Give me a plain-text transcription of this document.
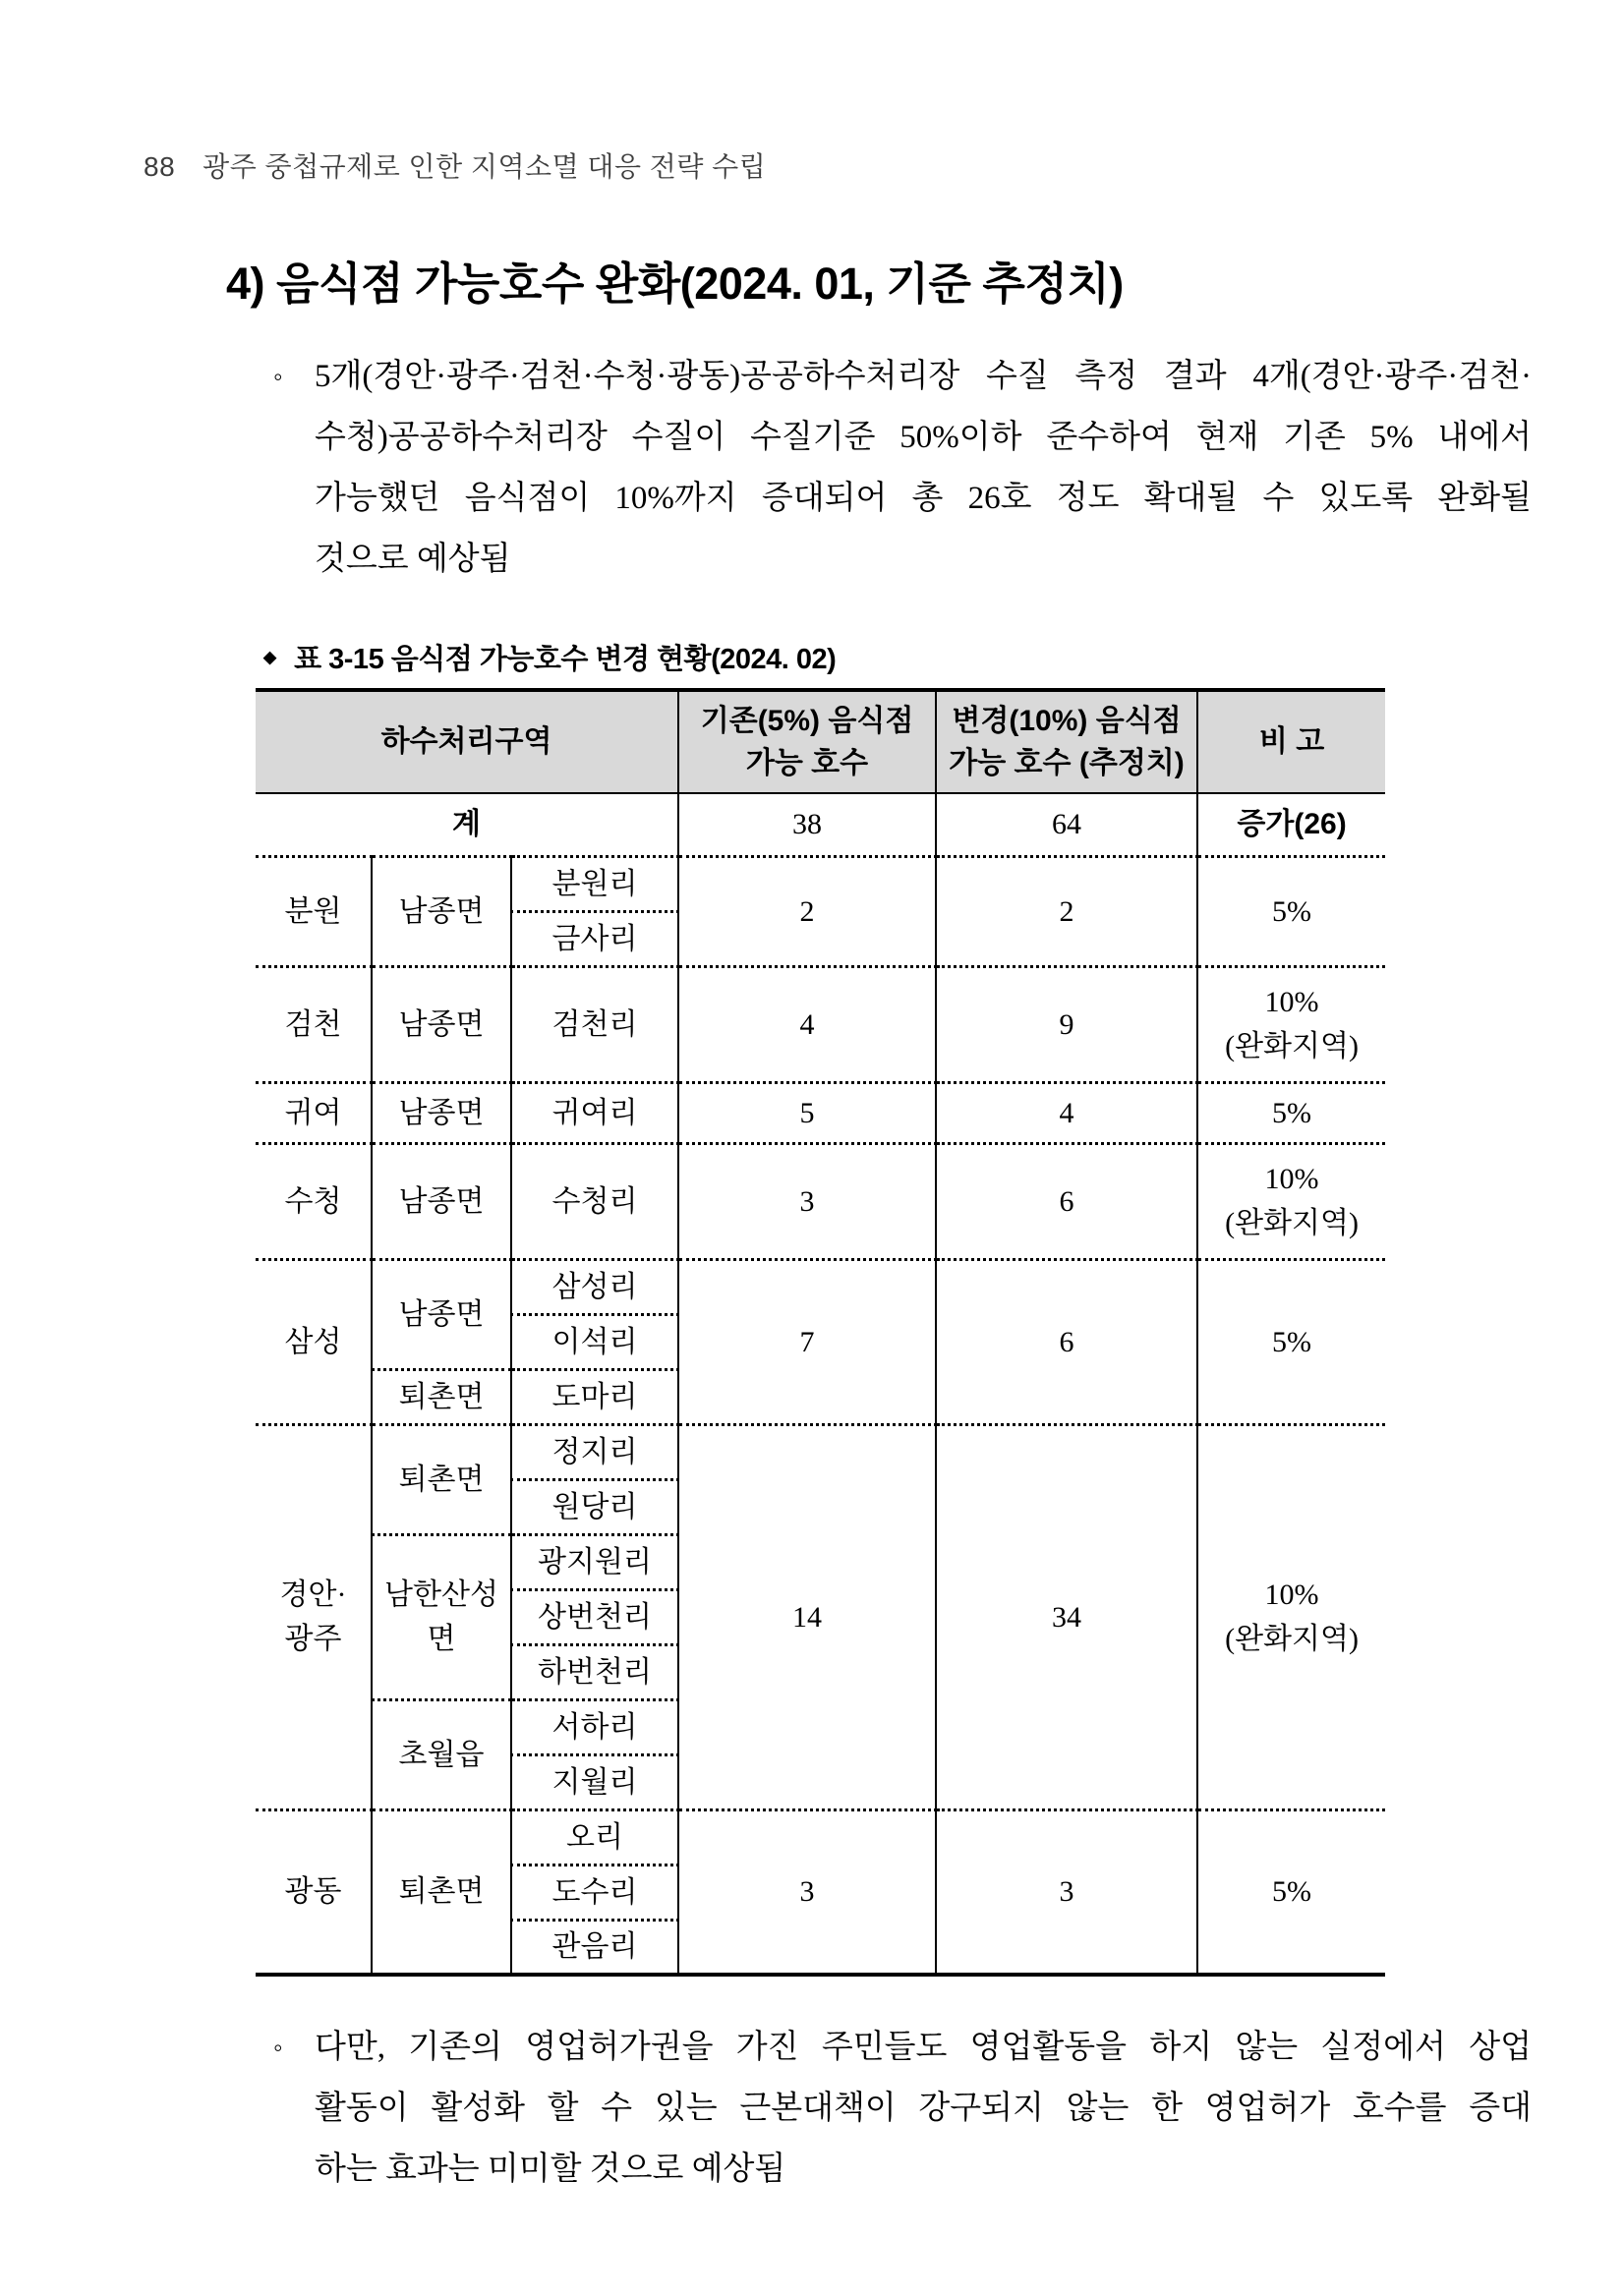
88 광주 중첩규제로 인한 지역소멸 대응 전략 수립
4) 음식점 가능호수 완화(2024. 01, 기준 추정치)
◦ 5개(경안·광주·검천·수청·광동)공공하수처리장 수질 측정 결과 4개(경안·광주·검천·
수청)공공하수처리장 수질이 수질기준 50%이하 준수하여 현재 기존 5% 내에서
가능했던 음식점이 10%까지 증대되어 총 26호 정도 확대될 수 있도록 완화될
것으로 예상됨
◆ 표 3-15 음식점 가능호수 변경 현황(2024. 02)
하수처리구역			기존(5%) 음식점 가능 호수	변경(10%) 음식점 가능 호수 (추정치)	비 고
계			38	64	증가(26)
분원	남종면	분원리	2	2	5%
		금사리			
검천	남종면	검천리	4	9	10%
(완화지역)
귀여	남종면	귀여리	5	4	5%
수청	남종면	수청리	3	6	10%
(완화지역)
삼성	남종면	삼성리	7	6	5%
		이석리			
	퇴촌면	도마리			
경안·
광주	퇴촌면	정지리	14	34	10%
(완화지역)
		원당리			
	남한산성면	광지원리			
		상번천리			
		하번천리			
	초월읍	서하리			
		지월리			
광동	퇴촌면	오리	3	3	5%
		도수리			
		관음리			
◦ 다만, 기존의 영업허가권을 가진 주민들도 영업활동을 하지 않는 실정에서 상업
활동이 활성화 할 수 있는 근본대책이 강구되지 않는 한 영업허가 호수를 증대
하는 효과는 미미할 것으로 예상됨
